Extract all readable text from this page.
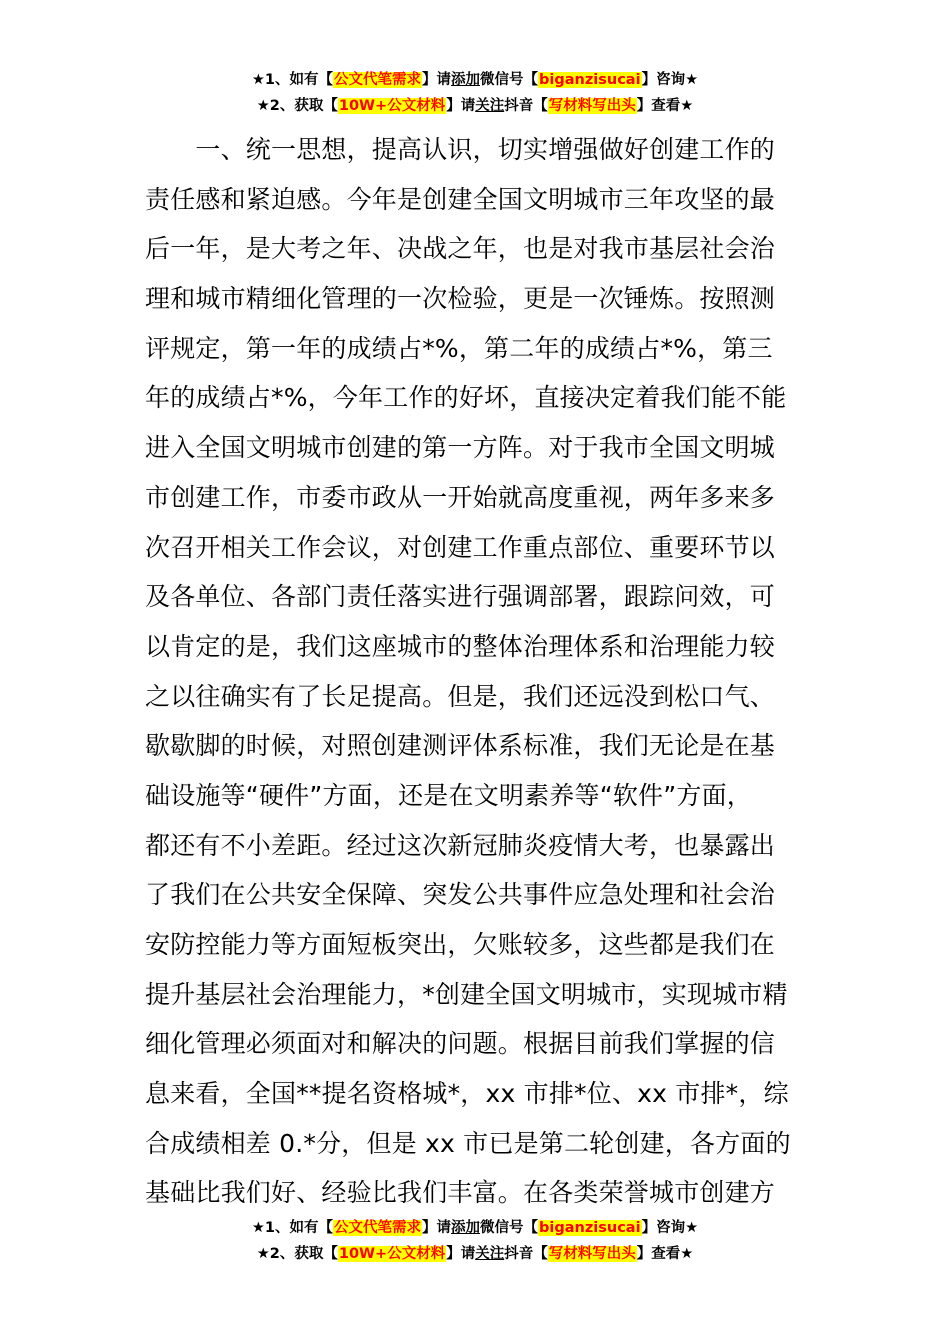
★1、如有【公文代笔需求】请添加微信号【biganzisucai】咨询★
★2、获取【10W+公文材料】请关注抖音【写材料写出头】查看★
　　一、统一思想，提高认识，切实增强做好创建工作的
责任感和紧迫感。今年是创建全国文明城市三年攻坚的最
后一年，是大考之年、决战之年，也是对我市基层社会治
理和城市精细化管理的一次检验，更是一次锤炼。按照测
评规定，第一年的成绩占*%，第二年的成绩占*%，第三
年的成绩占*%，今年工作的好坏，直接决定着我们能不能
进入全国文明城市创建的第一方阵。对于我市全国文明城
市创建工作，市委市政从一开始就高度重视，两年多来多
次召开相关工作会议，对创建工作重点部位、重要环节以
及各单位、各部门责任落实进行强调部署，跟踪问效，可
以肯定的是，我们这座城市的整体治理体系和治理能力较
之以往确实有了长足提高。但是，我们还远没到松口气、
歇歇脚的时候，对照创建测评体系标准，我们无论是在基
础设施等“硬件”方面，还是在文明素养等“软件”方面，
都还有不小差距。经过这次新冠肺炎疫情大考，也暴露出
了我们在公共安全保障、突发公共事件应急处理和社会治
安防控能力等方面短板突出，欠账较多，这些都是我们在
提升基层社会治理能力，*创建全国文明城市，实现城市精
细化管理必须面对和解决的问题。根据目前我们掌握的信
息来看，全国**提名资格城*，xx 市排*位、xx 市排*，综
合成绩相差 0.*分，但是 xx 市已是第二轮创建，各方面的
基础比我们好、经验比我们丰富。在各类荣誉城市创建方
★1、如有【公文代笔需求】请添加微信号【biganzisucai】咨询★
★2、获取【10W+公文材料】请关注抖音【写材料写出头】查看★
